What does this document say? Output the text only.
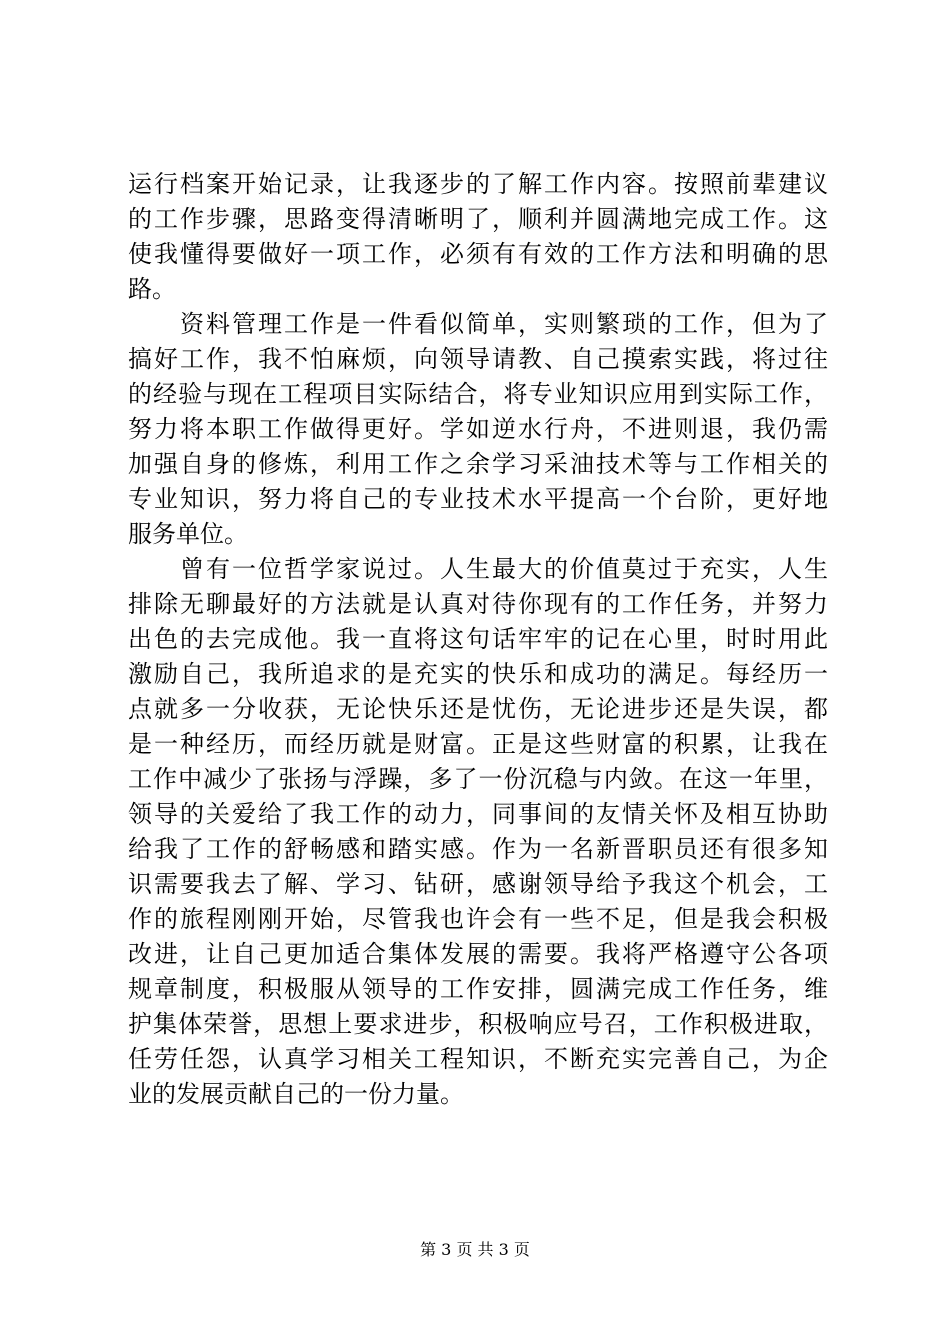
运行档案开始记录，让我逐步的了解工作内容。按照前辈建议
的工作步骤，思路变得清晰明了，顺利并圆满地完成工作。这
使我懂得要做好一项工作，必须有有效的工作方法和明确的思
路。
　　资料管理工作是一件看似简单，实则繁琐的工作，但为了
搞好工作，我不怕麻烦，向领导请教、自己摸索实践，将过往
的经验与现在工程项目实际结合，将专业知识应用到实际工作，
努力将本职工作做得更好。学如逆水行舟，不进则退，我仍需
加强自身的修炼，利用工作之余学习采油技术等与工作相关的
专业知识，努力将自己的专业技术水平提高一个台阶，更好地
服务单位。
　　曾有一位哲学家说过。人生最大的价值莫过于充实，人生
排除无聊最好的方法就是认真对待你现有的工作任务，并努力
出色的去完成他。我一直将这句话牢牢的记在心里，时时用此
激励自己，我所追求的是充实的快乐和成功的满足。每经历一
点就多一分收获，无论快乐还是忧伤，无论进步还是失误，都
是一种经历，而经历就是财富。正是这些财富的积累，让我在
工作中减少了张扬与浮躁，多了一份沉稳与内敛。在这一年里，
领导的关爱给了我工作的动力，同事间的友情关怀及相互协助
给我了工作的舒畅感和踏实感。作为一名新晋职员还有很多知
识需要我去了解、学习、钻研，感谢领导给予我这个机会，工
作的旅程刚刚开始，尽管我也许会有一些不足，但是我会积极
改进，让自己更加适合集体发展的需要。我将严格遵守公各项
规章制度，积极服从领导的工作安排，圆满完成工作任务，维
护集体荣誉，思想上要求进步，积极响应号召，工作积极进取，
任劳任怨，认真学习相关工程知识，不断充实完善自己，为企
业的发展贡献自己的一份力量。
第 3 页 共 3 页
